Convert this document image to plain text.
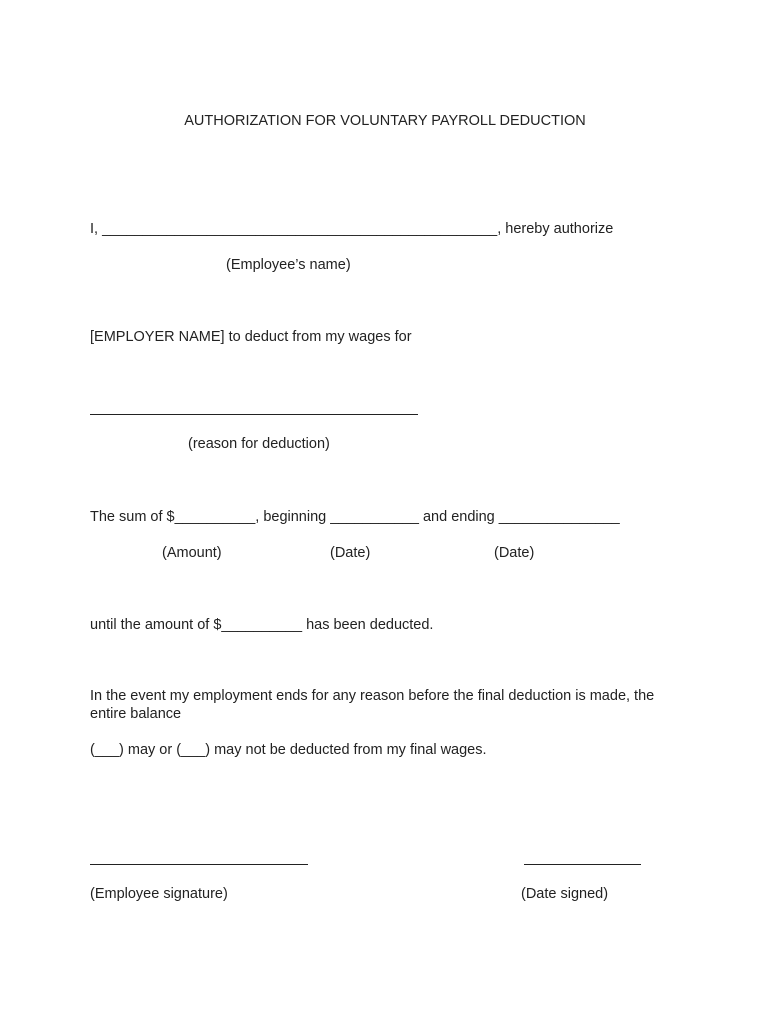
AUTHORIZATION FOR VOLUNTARY PAYROLL DEDUCTION
I, _________________________________________________, hereby authorize
(Employee’s name)
[EMPLOYER NAME] to deduct from my wages for
(reason for deduction)
The sum of $__________, beginning ___________ and ending _______________
(Amount)	(Date)	(Date)
until the amount of $__________ has been deducted.
In the event my employment ends for any reason before the final deduction is made, the entire balance
(___) may or (___) may not be deducted from my final wages.
(Employee signature)	(Date signed)
